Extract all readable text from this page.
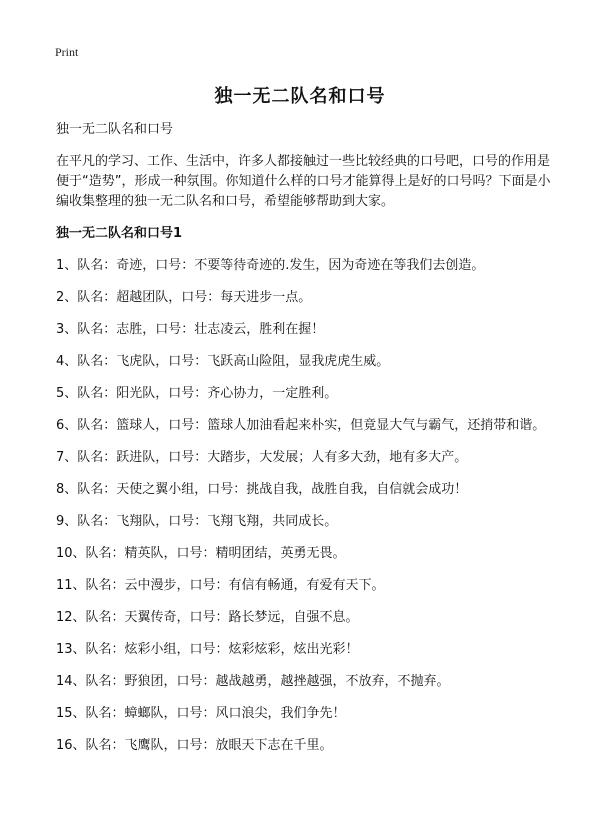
Print
独一无二队名和口号
独一无二队名和口号
在平凡的学习、工作、生活中，许多人都接触过一些比较经典的口号吧，口号的作用是便于“造势”，形成一种氛围。你知道什么样的口号才能算得上是好的口号吗？下面是小编收集整理的独一无二队名和口号，希望能够帮助到大家。
独一无二队名和口号1
1、队名：奇迹，口号：不要等待奇迹的.发生，因为奇迹在等我们去创造。
2、队名：超越团队，口号：每天进步一点。
3、队名：志胜，口号：壮志凌云，胜利在握！
4、队名：飞虎队，口号：飞跃高山险阻，显我虎虎生威。
5、队名：阳光队，口号：齐心协力，一定胜利。
6、队名：篮球人，口号：篮球人加油看起来朴实，但竟显大气与霸气，还捎带和谐。
7、队名：跃进队，口号：大踏步，大发展；人有多大劲，地有多大产。
8、队名：天使之翼小组，口号：挑战自我，战胜自我，自信就会成功！
9、队名：飞翔队，口号：飞翔飞翔，共同成长。
10、队名：精英队，口号：精明团结，英勇无畏。
11、队名：云中漫步，口号：有信有畅通，有爱有天下。
12、队名：天翼传奇，口号：路长梦远，自强不息。
13、队名：炫彩小组，口号：炫彩炫彩，炫出光彩！
14、队名：野狼团，口号：越战越勇，越挫越强，不放弃，不抛弃。
15、队名：蟑螂队，口号：风口浪尖，我们争先！
16、队名：飞鹰队，口号：放眼天下志在千里。
